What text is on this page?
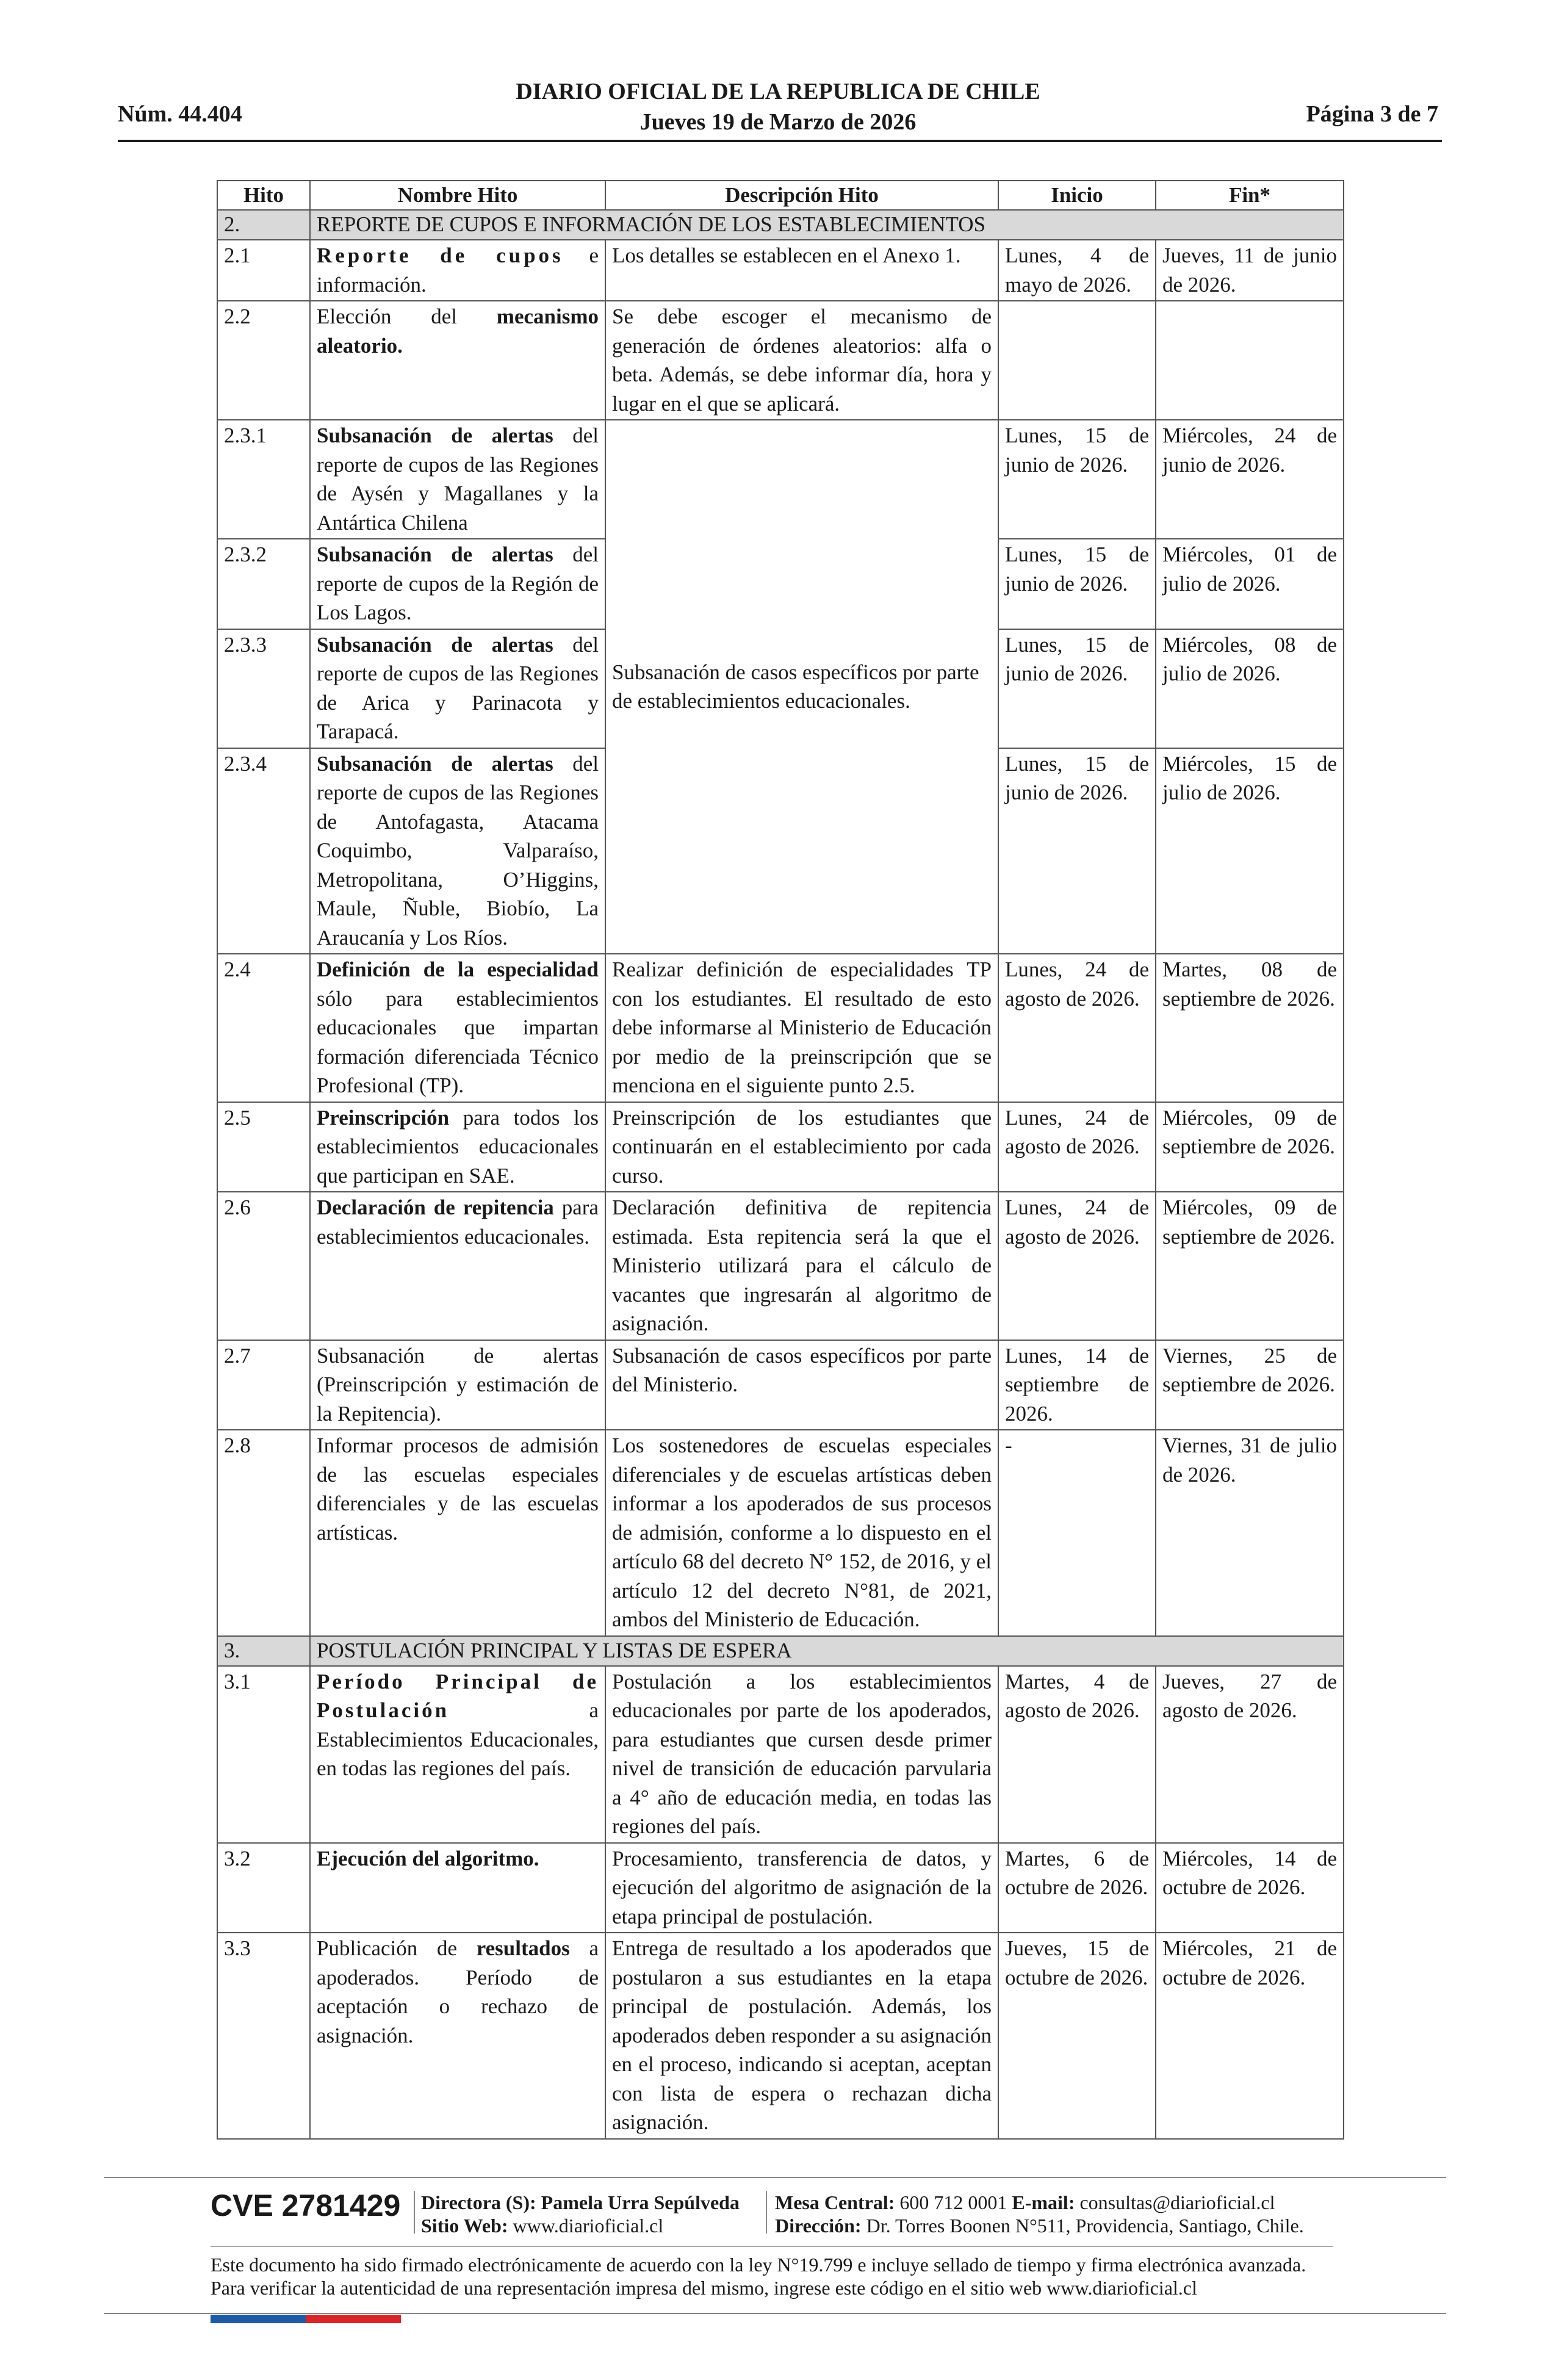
Núm. 44.404
DIARIO OFICIAL DE LA REPUBLICA DE CHILE
Jueves 19 de Marzo de 2026	Página 3 de 7
Hito	Nombre Hito	Descripción Hito	Inicio	Fin*
2.	REPORTE DE CUPOS E INFORMACIÓN DE LOS ESTABLECIMIENTOS			
2.1	Reporte de cupos e información.	Los detalles se establecen en el Anexo 1.	Lunes, 4 de mayo de 2026.	Jueves, 11 de junio de 2026.
2.2	Elección del mecanismo aleatorio.	Se debe escoger el mecanismo de generación de órdenes aleatorios: alfa o beta. Además, se debe informar día, hora y lugar en el que se aplicará.		
2.3.1	Subsanación de alertas del reporte de cupos de las Regiones de Aysén y Magallanes y la Antártica Chilena	Subsanación de casos específicos por parte de establecimientos educacionales.	Lunes, 15 de junio de 2026.	Miércoles, 24 de junio de 2026.
2.3.2	Subsanación de alertas del reporte de cupos de la Región de Los Lagos.		Lunes, 15 de junio de 2026.	Miércoles, 01 de julio de 2026.
2.3.3	Subsanación de alertas del reporte de cupos de las Regiones de Arica y Parinacota y Tarapacá.		Lunes, 15 de junio de 2026.	Miércoles, 08 de julio de 2026.
2.3.4	Subsanación de alertas del reporte de cupos de las Regiones de Antofagasta, Atacama Coquimbo, Valparaíso, Metropolitana, O’Higgins, Maule, Ñuble, Biobío, La Araucanía y Los Ríos.		Lunes, 15 de junio de 2026.	Miércoles, 15 de julio de 2026.
2.4	Definición de la especialidad sólo para establecimientos educacionales que impartan formación diferenciada Técnico Profesional (TP).	Realizar definición de especialidades TP con los estudiantes. El resultado de esto debe informarse al Ministerio de Educación por medio de la preinscripción que se menciona en el siguiente punto 2.5.	Lunes, 24 de agosto de 2026.	Martes, 08 de septiembre de 2026.
2.5	Preinscripción para todos los establecimientos educacionales que participan en SAE.	Preinscripción de los estudiantes que continuarán en el establecimiento por cada curso.	Lunes, 24 de agosto de 2026.	Miércoles, 09 de septiembre de 2026.
2.6	Declaración de repitencia para establecimientos educacionales.	Declaración definitiva de repitencia estimada. Esta repitencia será la que el Ministerio utilizará para el cálculo de vacantes que ingresarán al algoritmo de asignación.	Lunes, 24 de agosto de 2026.	Miércoles, 09 de septiembre de 2026.
2.7	Subsanación de alertas (Preinscripción y estimación de la Repitencia).	Subsanación de casos específicos por parte del Ministerio.	Lunes, 14 de septiembre de 2026.	Viernes, 25 de septiembre de 2026.
2.8	Informar procesos de admisión de las escuelas especiales diferenciales y de las escuelas artísticas.	Los sostenedores de escuelas especiales diferenciales y de escuelas artísticas deben informar a los apoderados de sus procesos de admisión, conforme a lo dispuesto en el artículo 68 del decreto N° 152, de 2016, y el artículo 12 del decreto N°81, de 2021, ambos del Ministerio de Educación.	-	Viernes, 31 de julio de 2026.
3.	POSTULACIÓN PRINCIPAL Y LISTAS DE ESPERA			
3.1	Período Principal de Postulación a Establecimientos Educacionales, en todas las regiones del país.	Postulación a los establecimientos educacionales por parte de los apoderados, para estudiantes que cursen desde primer nivel de transición de educación parvularia a 4° año de educación media, en todas las regiones del país.	Martes, 4 de agosto de 2026.	Jueves, 27 de agosto de 2026.
3.2	Ejecución del algoritmo.	Procesamiento, transferencia de datos, y ejecución del algoritmo de asignación de la etapa principal de postulación.	Martes, 6 de octubre de 2026.	Miércoles, 14 de octubre de 2026.
3.3	Publicación de resultados a apoderados. Período de aceptación o rechazo de asignación.	Entrega de resultado a los apoderados que postularon a sus estudiantes en la etapa principal de postulación. Además, los apoderados deben responder a su asignación en el proceso, indicando si aceptan, aceptan con lista de espera o rechazan dicha asignación.	Jueves, 15 de octubre de 2026.	Miércoles, 21 de octubre de 2026.
CVE 2781429 Directora (S): Pamela Urra Sepúlveda
Sitio Web: www.diarioficial.cl
Mesa Central: 600 712 0001 E-mail: consultas@diarioficial.cl
Dirección: Dr. Torres Boonen N°511, Providencia, Santiago, Chile.
Este documento ha sido firmado electrónicamente de acuerdo con la ley N°19.799 e incluye sellado de tiempo y firma electrónica avanzada. Para verificar la autenticidad de una representación impresa del mismo, ingrese este código en el sitio web www.diarioficial.cl
